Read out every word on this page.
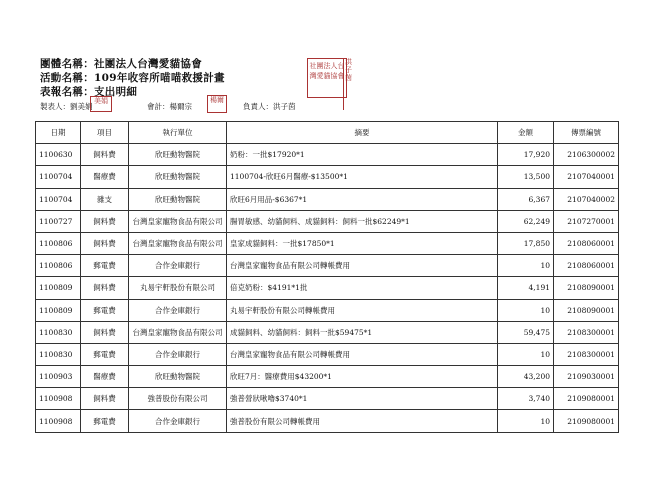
團體名稱：社團法人台灣愛貓協會
活動名稱：109年收容所喵喵救援計畫
表報名稱：支出明細
製表人：劉美娟
美娟
會計：楊爾宗
楊爾
負責人：洪子茵
社團法人台灣愛貓協會
洪子茵
日期	項目	執行單位	摘要	金額	傳票編號
1100630	飼料費	欣旺動物醫院	奶粉：一批$17920*1	17,920	2106300002
1100704	醫療費	欣旺動物醫院	1100704-欣旺6月醫療-$13500*1	13,500	2107040001
1100704	雜支	欣旺動物醫院	欣旺6月用品-$6367*1	6,367	2107040002
1100727	飼料費	台灣皇家寵物食品有限公司	腸胃敏感、幼貓飼料、成貓飼料：飼料一批$62249*1	62,249	2107270001
1100806	飼料費	台灣皇家寵物食品有限公司	皇家成貓飼料：一批$17850*1	17,850	2108060001
1100806	郵電費	合作金庫銀行	台灣皇家寵物食品有限公司轉帳費用	10	2108060001
1100809	飼料費	丸易宇軒股份有限公司	倍克奶粉：$4191*1批	4,191	2108090001
1100809	郵電費	合作金庫銀行	丸易宇軒股份有限公司轉帳費用	10	2108090001
1100830	飼料費	台灣皇家寵物食品有限公司	成貓飼料、幼貓飼料：飼料一批$59475*1	59,475	2108300001
1100830	郵電費	合作金庫銀行	台灣皇家寵物食品有限公司轉帳費用	10	2108300001
1100903	醫療費	欣旺動物醫院	欣旺7月：醫療費用$43200*1	43,200	2109030001
1100908	飼料費	強普股份有限公司	強普營狀啾嚕$3740*1	3,740	2109080001
1100908	郵電費	合作金庫銀行	強普股份有限公司轉帳費用	10	2109080001
